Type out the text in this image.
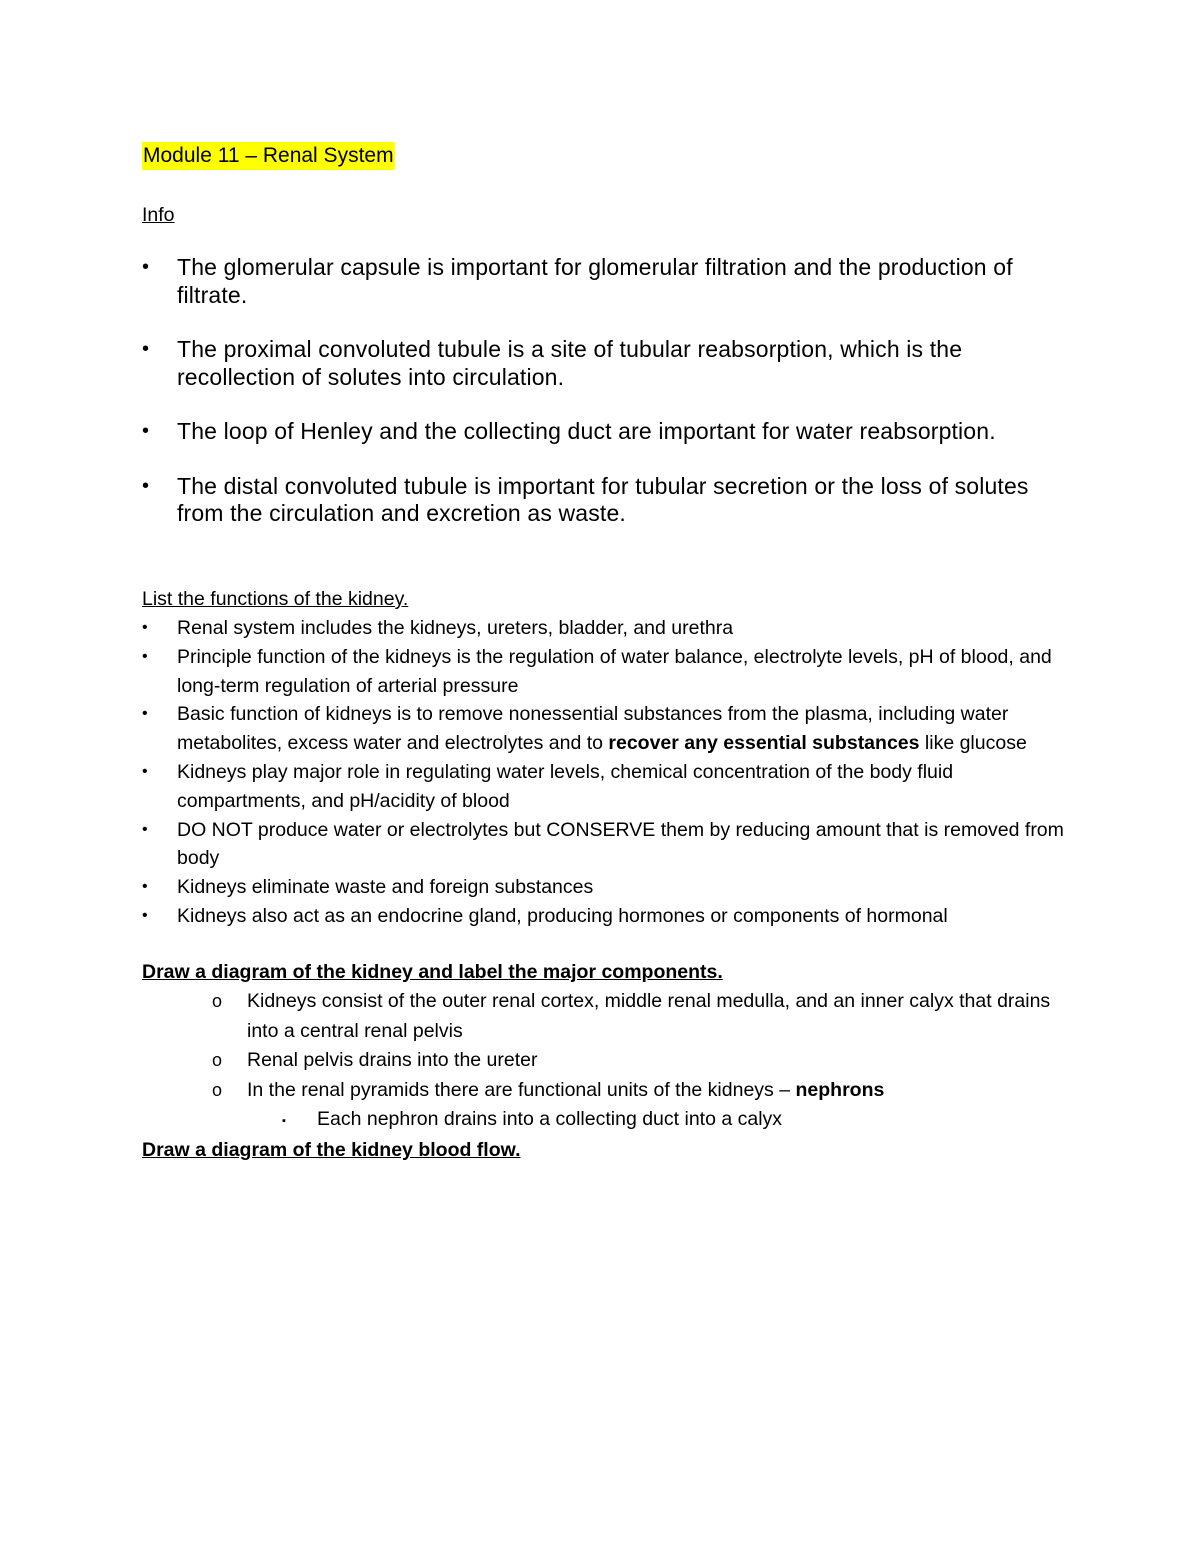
Module 11 – Renal System
Info
• The glomerular capsule is important for glomerular filtration and the production of filtrate.
• The proximal convoluted tubule is a site of tubular reabsorption, which is the recollection of solutes into circulation.
• The loop of Henley and the collecting duct are important for water reabsorption.
• The distal convoluted tubule is important for tubular secretion or the loss of solutes from the circulation and excretion as waste.
List the functions of the kidney.
• Renal system includes the kidneys, ureters, bladder, and urethra
• Principle function of the kidneys is the regulation of water balance, electrolyte levels, pH of blood, and long-term regulation of arterial pressure
• Basic function of kidneys is to remove nonessential substances from the plasma, including water metabolites, excess water and electrolytes and to recover any essential substances like glucose
• Kidneys play major role in regulating water levels, chemical concentration of the body fluid compartments, and pH/acidity of blood
• DO NOT produce water or electrolytes but CONSERVE them by reducing amount that is removed from body
• Kidneys eliminate waste and foreign substances
• Kidneys also act as an endocrine gland, producing hormones or components of hormonal
Draw a diagram of the kidney and label the major components.
o Kidneys consist of the outer renal cortex, middle renal medulla, and an inner calyx that drains into a central renal pelvis
o Renal pelvis drains into the ureter
o In the renal pyramids there are functional units of the kidneys – nephrons
▪ Each nephron drains into a collecting duct into a calyx
Draw a diagram of the kidney blood flow.
